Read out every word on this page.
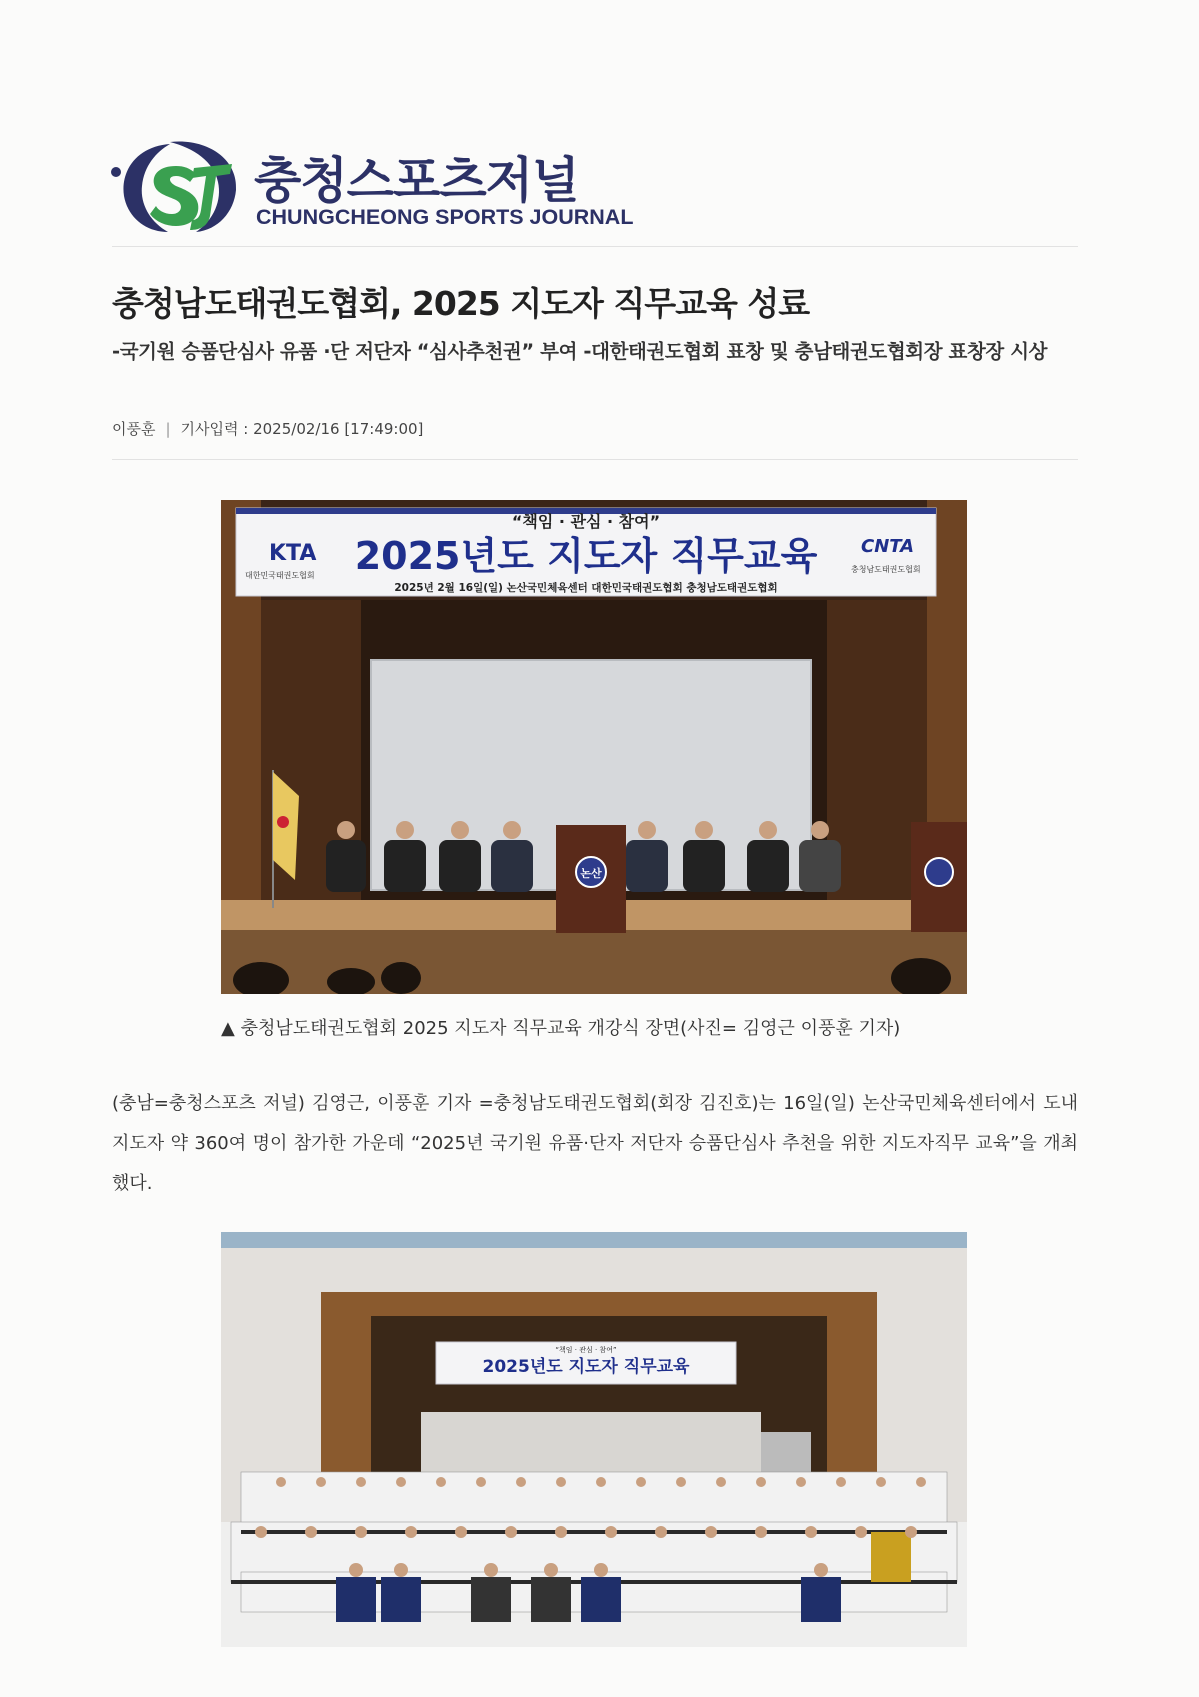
충청스포츠저널
CHUNGCHEONG SPORTS JOURNAL
충청남도태권도협회, 2025 지도자 직무교육 성료
-국기원 승품단심사 유품 ·단 저단자 “심사추천권” 부여 -대한태권도협회 표창 및 충남태권도협회장 표창장 시상
이풍훈 | 기사입력 : 2025/02/16 [17:49:00]
“책임 · 관심 · 참여”
2025년도 지도자 직무교육
2025년 2월 16일(일) 논산국민체육센터 대한민국태권도협회 충청남도태권도협회
KTA
대한민국태권도협회
CNTA
충청남도태권도협회
논산
▲ 충청남도태권도협회 2025 지도자 직무교육 개강식 장면(사진= 김영근 이풍훈 기자)
(충남=충청스포츠 저널) 김영근, 이풍훈 기자 =충청남도태권도협회(회장 김진호)는 16일(일) 논산국민체육센터에서 도내 지도자 약 360여 명이 참가한 가운데 “2025년 국기원 유품·단자 저단자 승품단심사 추천을 위한 지도자직무 교육”을 개최했다.
“책임 · 관심 · 참여”
2025년도 지도자 직무교육
